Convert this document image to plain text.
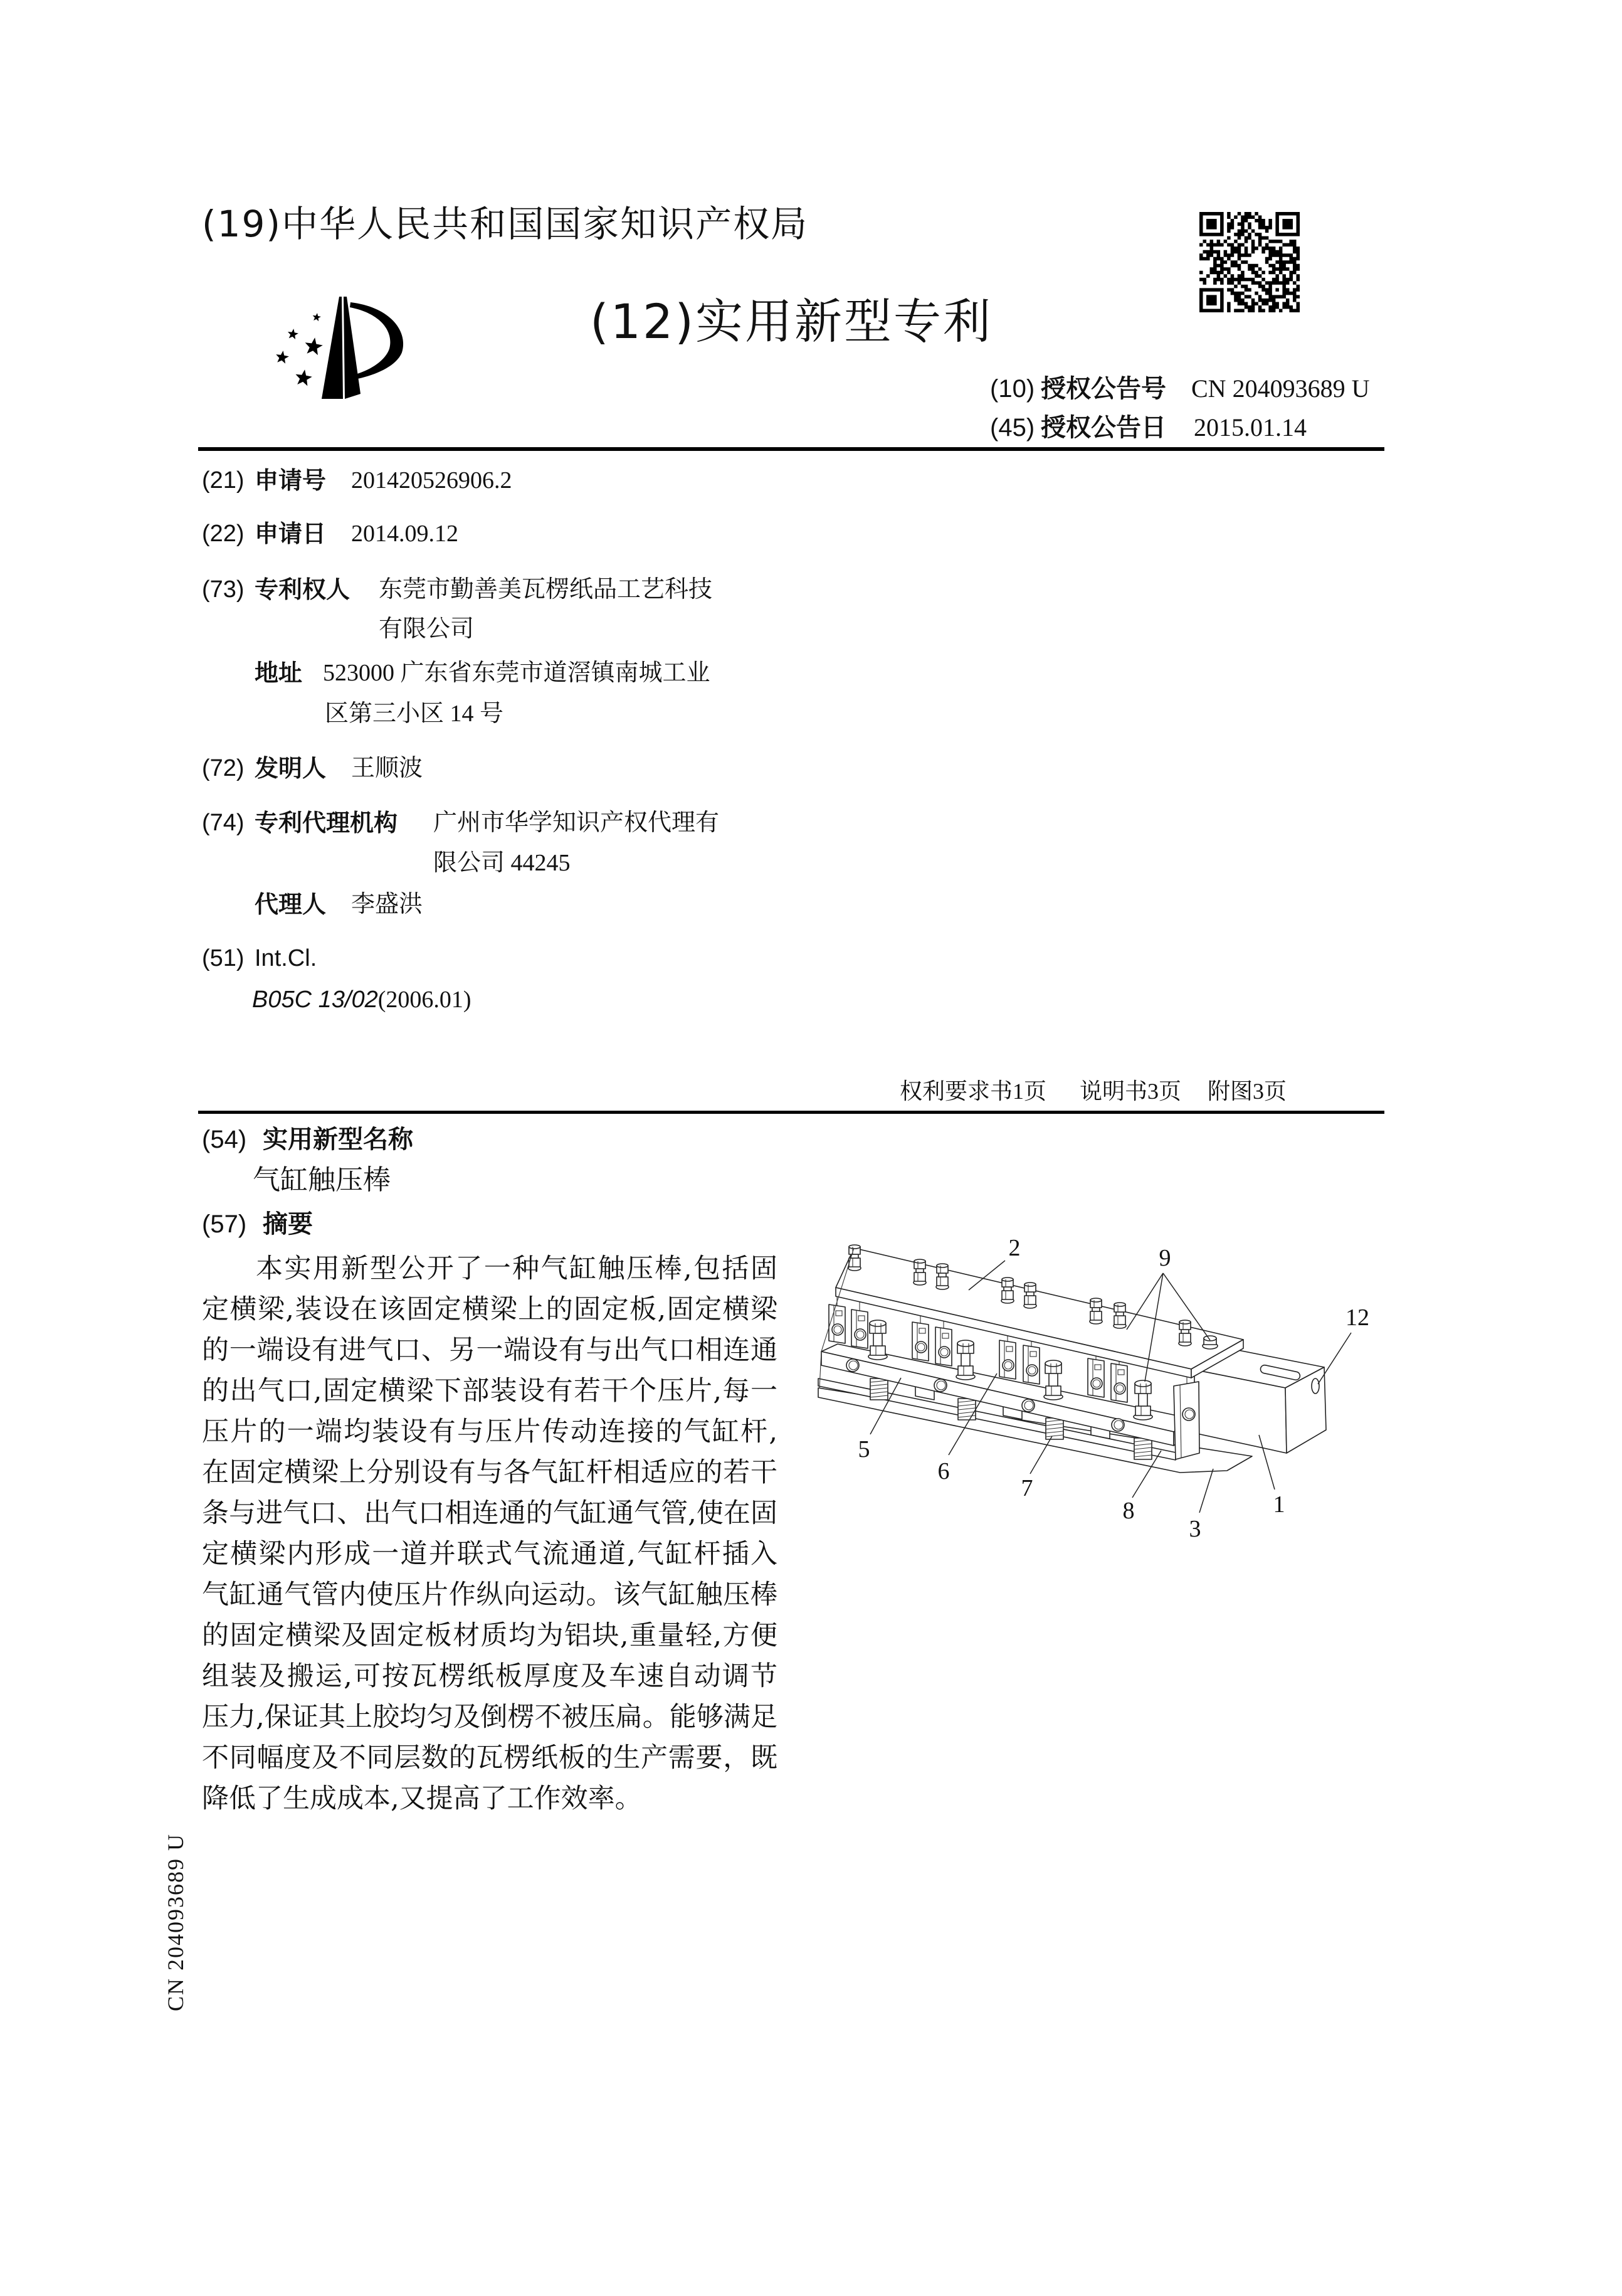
(19)中华人民共和国国家知识产权局
(12)实用新型专利
(10) 授权公告号 CN 204093689 U
(45) 授权公告日 2015.01.14
(21) 申请号 201420526906.2
(22) 申请日 2014.09.12
(73) 专利权人 东莞市勤善美瓦楞纸品工艺科技
有限公司
地址 523000 广东省东莞市道滘镇南城工业
区第三小区 14 号
(72) 发明人 王顺波
(74) 专利代理机构 广州市华学知识产权代理有
限公司 44245
代理人 李盛洪
(51) Int.Cl.
B05C 13/02(2006.01)
权利要求书1页 说明书3页 附图3页
(54) 实用新型名称
气缸触压棒
(57) 摘要
本实用新型公开了一种气缸触压棒,包括固
定横梁,装设在该固定横梁上的固定板,固定横梁
的一端设有进气口、另一端设有与出气口相连通
的出气口,固定横梁下部装设有若干个压片,每一
压片的一端均装设有与压片传动连接的气缸杆,
在固定横梁上分别设有与各气缸杆相适应的若干
条与进气口、出气口相连通的气缸通气管,使在固
定横梁内形成一道并联式气流通道,气缸杆插入
气缸通气管内使压片作纵向运动。该气缸触压棒
的固定横梁及固定板材质均为铝块,重量轻,方便
组装及搬运,可按瓦楞纸板厚度及车速自动调节
压力,保证其上胶均匀及倒楞不被压扁。能够满足
不同幅度及不同层数的瓦楞纸板的生产需要，既
降低了生成成本,又提高了工作效率。
2	9
12
5
6
7
8
3
1
CN 204093689 U
